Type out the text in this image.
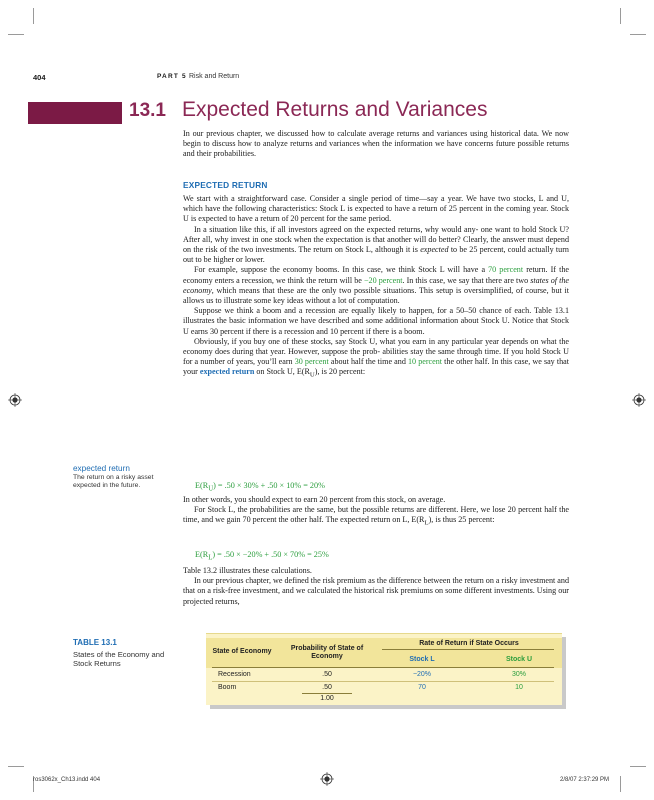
404	PART 5 Risk and Return
13.1 Expected Returns and Variances

In our previous chapter, we discussed how to calculate average returns and variances using historical data. We now begin to discuss how to analyze returns and variances when the information we have concerns future possible returns and their probabilities.

EXPECTED RETURN

We start with a straightforward case. Consider a single period of time—say a year. We have two stocks, L and U, which have the following characteristics: Stock L is expected to have a return of 25 percent in the coming year. Stock U is expected to have a return of 20 percent for the same period.

In a situation like this, if all investors agreed on the expected returns, why would any- one want to hold Stock U? After all, why invest in one stock when the expectation is that another will do better? Clearly, the answer must depend on the risk of the two investments. The return on Stock L, although it is expected to be 25 percent, could actually turn out to be higher or lower.

For example, suppose the economy booms. In this case, we think Stock L will have a 70 percent return. If the economy enters a recession, we think the return will be −20 percent. In this case, we say that there are two states of the economy, which means that these are the only two possible situations. This setup is oversimplified, of course, but it allows us to illustrate some key ideas without a lot of computation.

Suppose we think a boom and a recession are equally likely to happen, for a 50–50 chance of each. Table 13.1 illustrates the basic information we have described and some additional information about Stock U. Notice that Stock U earns 30 percent if there is a recession and 10 percent if there is a boom.

Obviously, if you buy one of these stocks, say Stock U, what you earn in any particular year depends on what the economy does during that year. However, suppose the prob- abilities stay the same through time. If you hold Stock U for a number of years, you’ll earn 30 percent about half the time and 10 percent the other half. In this case, we say that your expected return on Stock U, $E(R_U)$, is 20 percent:

$E(R_U) = .50 \times 30\% + .50 \times 10\% = 20\%$

In other words, you should expect to earn 20 percent from this stock, on average.

For Stock L, the probabilities are the same, but the possible returns are different. Here, we lose 20 percent half the time, and we gain 70 percent the other half. The expected return on L, $E(R_L)$, is thus 25 percent:

$E(R_L) = .50 \times -20\% + .50 \times 70\% = 25\%$

Table 13.2 illustrates these calculations.

In our previous chapter, we defined the risk premium as the difference between the return on a risky investment and that on a risk-free investment, and we calculated the historical risk premiums on some different investments. Using our projected returns,

expected return
The return on a risky asset expected in the future.
TABLE 13.1
States of the Economy and Stock Returns
Rate of Return if State Occurs
State of Economy	Probability of State of Economy	Stock L	Stock U
Recession	.50	−20%	30%
Boom	.50	70	10
1.00
ros3062x_Ch13.indd 404	2/8/07 2:37:29 PM
